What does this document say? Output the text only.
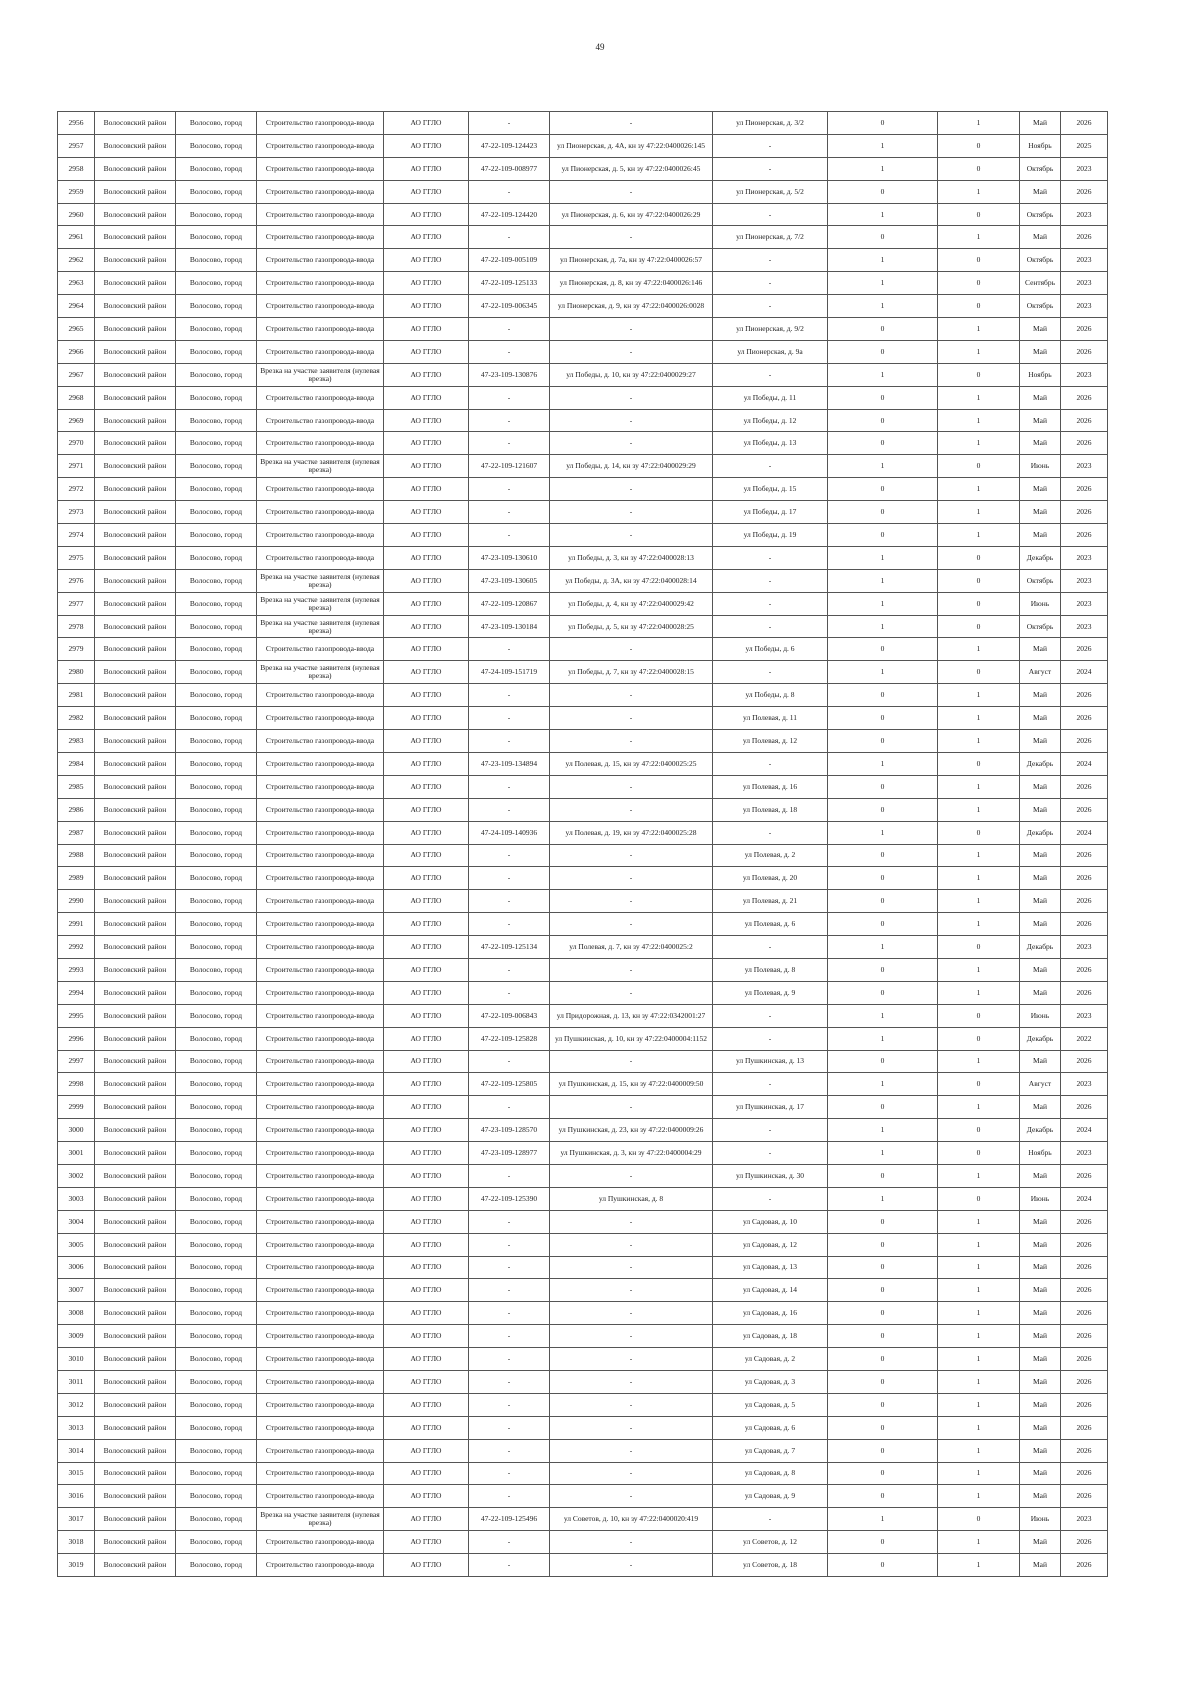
49
2956	Волосовский район	Волосово, город	Строительство газопровода-ввода	АО ГГЛО	-	-	ул Пионерская, д. 3/2	0	1	Май	2026
2957	Волосовский район	Волосово, город	Строительство газопровода-ввода	АО ГГЛО	47-22-109-124423	ул Пионерская, д. 4А, кн зу 47:22:0400026:145	-	1	0	Ноябрь	2025
2958	Волосовский район	Волосово, город	Строительство газопровода-ввода	АО ГГЛО	47-22-109-008977	ул Пионерская, д. 5, кн зу 47:22:0400026:45	-	1	0	Октябрь	2023
2959	Волосовский район	Волосово, город	Строительство газопровода-ввода	АО ГГЛО	-	-	ул Пионерская, д. 5/2	0	1	Май	2026
2960	Волосовский район	Волосово, город	Строительство газопровода-ввода	АО ГГЛО	47-22-109-124420	ул Пионерская, д. 6, кн зу 47:22:0400026:29	-	1	0	Октябрь	2023
2961	Волосовский район	Волосово, город	Строительство газопровода-ввода	АО ГГЛО	-	-	ул Пионерская, д. 7/2	0	1	Май	2026
2962	Волосовский район	Волосово, город	Строительство газопровода-ввода	АО ГГЛО	47-22-109-005109	ул Пионерская, д. 7а, кн зу 47:22:0400026:57	-	1	0	Октябрь	2023
2963	Волосовский район	Волосово, город	Строительство газопровода-ввода	АО ГГЛО	47-22-109-125133	ул Пионерская, д. 8, кн зу 47:22:0400026:146	-	1	0	Сентябрь	2023
2964	Волосовский район	Волосово, город	Строительство газопровода-ввода	АО ГГЛО	47-22-109-006345	ул Пионерская, д. 9, кн зу 47:22:0400026:0028	-	1	0	Октябрь	2023
2965	Волосовский район	Волосово, город	Строительство газопровода-ввода	АО ГГЛО	-	-	ул Пионерская, д. 9/2	0	1	Май	2026
2966	Волосовский район	Волосово, город	Строительство газопровода-ввода	АО ГГЛО	-	-	ул Пионерская, д. 9а	0	1	Май	2026
2967	Волосовский район	Волосово, город	Врезка на участке заявителя (нулевая врезка)	АО ГГЛО	47-23-109-130876	ул Победы, д. 10, кн зу 47:22:0400029:27	-	1	0	Ноябрь	2023
2968	Волосовский район	Волосово, город	Строительство газопровода-ввода	АО ГГЛО	-	-	ул Победы, д. 11	0	1	Май	2026
2969	Волосовский район	Волосово, город	Строительство газопровода-ввода	АО ГГЛО	-	-	ул Победы, д. 12	0	1	Май	2026
2970	Волосовский район	Волосово, город	Строительство газопровода-ввода	АО ГГЛО	-	-	ул Победы, д. 13	0	1	Май	2026
2971	Волосовский район	Волосово, город	Врезка на участке заявителя (нулевая врезка)	АО ГГЛО	47-22-109-121607	ул Победы, д. 14, кн зу 47:22:0400029:29	-	1	0	Июнь	2023
2972	Волосовский район	Волосово, город	Строительство газопровода-ввода	АО ГГЛО	-	-	ул Победы, д. 15	0	1	Май	2026
2973	Волосовский район	Волосово, город	Строительство газопровода-ввода	АО ГГЛО	-	-	ул Победы, д. 17	0	1	Май	2026
2974	Волосовский район	Волосово, город	Строительство газопровода-ввода	АО ГГЛО	-	-	ул Победы, д. 19	0	1	Май	2026
2975	Волосовский район	Волосово, город	Строительство газопровода-ввода	АО ГГЛО	47-23-109-130610	ул Победы, д. 3, кн зу 47:22:0400028:13	-	1	0	Декабрь	2023
2976	Волосовский район	Волосово, город	Врезка на участке заявителя (нулевая врезка)	АО ГГЛО	47-23-109-130605	ул Победы, д. 3А, кн зу 47:22:0400028:14	-	1	0	Октябрь	2023
2977	Волосовский район	Волосово, город	Врезка на участке заявителя (нулевая врезка)	АО ГГЛО	47-22-109-120867	ул Победы, д. 4, кн зу 47:22:0400029:42	-	1	0	Июнь	2023
2978	Волосовский район	Волосово, город	Врезка на участке заявителя (нулевая врезка)	АО ГГЛО	47-23-109-130184	ул Победы, д. 5, кн зу 47:22:0400028:25	-	1	0	Октябрь	2023
2979	Волосовский район	Волосово, город	Строительство газопровода-ввода	АО ГГЛО	-	-	ул Победы, д. 6	0	1	Май	2026
2980	Волосовский район	Волосово, город	Врезка на участке заявителя (нулевая врезка)	АО ГГЛО	47-24-109-151719	ул Победы, д. 7, кн зу 47:22:0400028:15	-	1	0	Август	2024
2981	Волосовский район	Волосово, город	Строительство газопровода-ввода	АО ГГЛО	-	-	ул Победы, д. 8	0	1	Май	2026
2982	Волосовский район	Волосово, город	Строительство газопровода-ввода	АО ГГЛО	-	-	ул Полевая, д. 11	0	1	Май	2026
2983	Волосовский район	Волосово, город	Строительство газопровода-ввода	АО ГГЛО	-	-	ул Полевая, д. 12	0	1	Май	2026
2984	Волосовский район	Волосово, город	Строительство газопровода-ввода	АО ГГЛО	47-23-109-134894	ул Полевая, д. 15, кн зу 47:22:0400025:25	-	1	0	Декабрь	2024
2985	Волосовский район	Волосово, город	Строительство газопровода-ввода	АО ГГЛО	-	-	ул Полевая, д. 16	0	1	Май	2026
2986	Волосовский район	Волосово, город	Строительство газопровода-ввода	АО ГГЛО	-	-	ул Полевая, д. 18	0	1	Май	2026
2987	Волосовский район	Волосово, город	Строительство газопровода-ввода	АО ГГЛО	47-24-109-140936	ул Полевая, д. 19, кн зу 47:22:0400025:28	-	1	0	Декабрь	2024
2988	Волосовский район	Волосово, город	Строительство газопровода-ввода	АО ГГЛО	-	-	ул Полевая, д. 2	0	1	Май	2026
2989	Волосовский район	Волосово, город	Строительство газопровода-ввода	АО ГГЛО	-	-	ул Полевая, д. 20	0	1	Май	2026
2990	Волосовский район	Волосово, город	Строительство газопровода-ввода	АО ГГЛО	-	-	ул Полевая, д. 21	0	1	Май	2026
2991	Волосовский район	Волосово, город	Строительство газопровода-ввода	АО ГГЛО	-	-	ул Полевая, д. 6	0	1	Май	2026
2992	Волосовский район	Волосово, город	Строительство газопровода-ввода	АО ГГЛО	47-22-109-125134	ул Полевая, д. 7, кн зу 47:22:0400025:2	-	1	0	Декабрь	2023
2993	Волосовский район	Волосово, город	Строительство газопровода-ввода	АО ГГЛО	-	-	ул Полевая, д. 8	0	1	Май	2026
2994	Волосовский район	Волосово, город	Строительство газопровода-ввода	АО ГГЛО	-	-	ул Полевая, д. 9	0	1	Май	2026
2995	Волосовский район	Волосово, город	Строительство газопровода-ввода	АО ГГЛО	47-22-109-006843	ул Придорожная, д. 13, кн зу 47:22:0342001:27	-	1	0	Июнь	2023
2996	Волосовский район	Волосово, город	Строительство газопровода-ввода	АО ГГЛО	47-22-109-125828	ул Пушкинская, д. 10, кн зу 47:22:0400004:1152	-	1	0	Декабрь	2022
2997	Волосовский район	Волосово, город	Строительство газопровода-ввода	АО ГГЛО	-	-	ул Пушкинская, д. 13	0	1	Май	2026
2998	Волосовский район	Волосово, город	Строительство газопровода-ввода	АО ГГЛО	47-22-109-125805	ул Пушкинская, д. 15, кн зу 47:22:0400009:50	-	1	0	Август	2023
2999	Волосовский район	Волосово, город	Строительство газопровода-ввода	АО ГГЛО	-	-	ул Пушкинская, д. 17	0	1	Май	2026
3000	Волосовский район	Волосово, город	Строительство газопровода-ввода	АО ГГЛО	47-23-109-128570	ул Пушкинская, д. 23, кн зу 47:22:0400009:26	-	1	0	Декабрь	2024
3001	Волосовский район	Волосово, город	Строительство газопровода-ввода	АО ГГЛО	47-23-109-128977	ул Пушкинская, д. 3, кн зу 47:22:0400004:29	-	1	0	Ноябрь	2023
3002	Волосовский район	Волосово, город	Строительство газопровода-ввода	АО ГГЛО	-	-	ул Пушкинская, д. 30	0	1	Май	2026
3003	Волосовский район	Волосово, город	Строительство газопровода-ввода	АО ГГЛО	47-22-109-125390	ул Пушкинская, д. 8	-	1	0	Июнь	2024
3004	Волосовский район	Волосово, город	Строительство газопровода-ввода	АО ГГЛО	-	-	ул Садовая, д. 10	0	1	Май	2026
3005	Волосовский район	Волосово, город	Строительство газопровода-ввода	АО ГГЛО	-	-	ул Садовая, д. 12	0	1	Май	2026
3006	Волосовский район	Волосово, город	Строительство газопровода-ввода	АО ГГЛО	-	-	ул Садовая, д. 13	0	1	Май	2026
3007	Волосовский район	Волосово, город	Строительство газопровода-ввода	АО ГГЛО	-	-	ул Садовая, д. 14	0	1	Май	2026
3008	Волосовский район	Волосово, город	Строительство газопровода-ввода	АО ГГЛО	-	-	ул Садовая, д. 16	0	1	Май	2026
3009	Волосовский район	Волосово, город	Строительство газопровода-ввода	АО ГГЛО	-	-	ул Садовая, д. 18	0	1	Май	2026
3010	Волосовский район	Волосово, город	Строительство газопровода-ввода	АО ГГЛО	-	-	ул Садовая, д. 2	0	1	Май	2026
3011	Волосовский район	Волосово, город	Строительство газопровода-ввода	АО ГГЛО	-	-	ул Садовая, д. 3	0	1	Май	2026
3012	Волосовский район	Волосово, город	Строительство газопровода-ввода	АО ГГЛО	-	-	ул Садовая, д. 5	0	1	Май	2026
3013	Волосовский район	Волосово, город	Строительство газопровода-ввода	АО ГГЛО	-	-	ул Садовая, д. 6	0	1	Май	2026
3014	Волосовский район	Волосово, город	Строительство газопровода-ввода	АО ГГЛО	-	-	ул Садовая, д. 7	0	1	Май	2026
3015	Волосовский район	Волосово, город	Строительство газопровода-ввода	АО ГГЛО	-	-	ул Садовая, д. 8	0	1	Май	2026
3016	Волосовский район	Волосово, город	Строительство газопровода-ввода	АО ГГЛО	-	-	ул Садовая, д. 9	0	1	Май	2026
3017	Волосовский район	Волосово, город	Врезка на участке заявителя (нулевая врезка)	АО ГГЛО	47-22-109-125496	ул Советов, д. 10, кн зу 47:22:0400020:419	-	1	0	Июнь	2023
3018	Волосовский район	Волосово, город	Строительство газопровода-ввода	АО ГГЛО	-	-	ул Советов, д. 12	0	1	Май	2026
3019	Волосовский район	Волосово, город	Строительство газопровода-ввода	АО ГГЛО	-	-	ул Советов, д. 18	0	1	Май	2026
